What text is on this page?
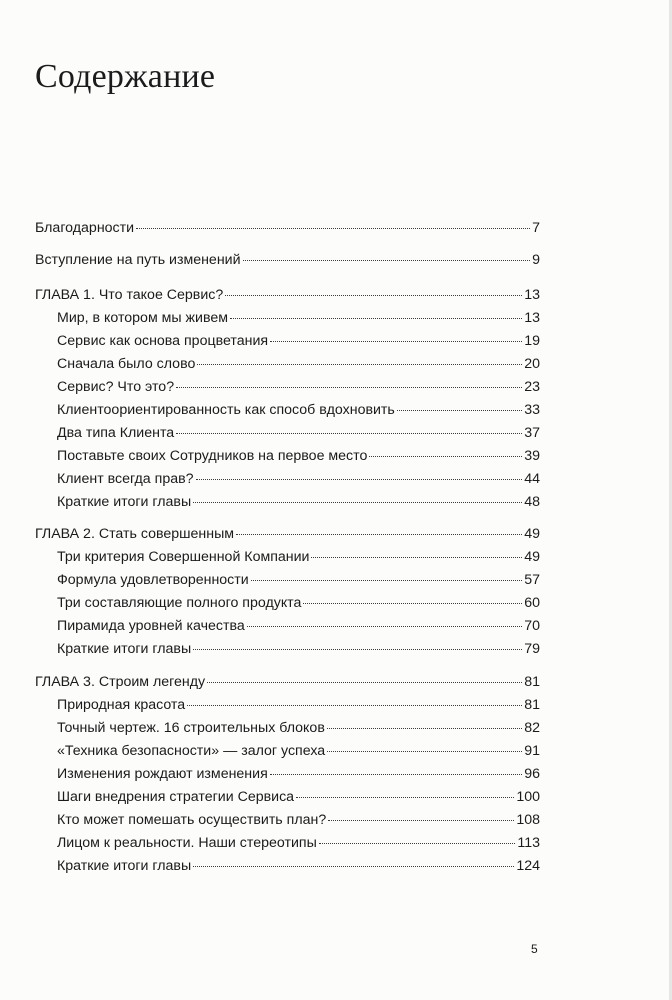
Содержание
Благодарности	7
Вступление на путь изменений	9
ГЛАВА 1. Что такое Сервис?	13
Мир, в котором мы живем	13
Сервис как основа процветания	19
Сначала было слово	20
Сервис? Что это?	23
Клиентоориентированность как способ вдохновить	33
Два типа Клиента	37
Поставьте своих Сотрудников на первое место	39
Клиент всегда прав?	44
Краткие итоги главы	48
ГЛАВА 2. Стать совершенным	49
Три критерия Совершенной Компании	49
Формула удовлетворенности	57
Три составляющие полного продукта	60
Пирамида уровней качества	70
Краткие итоги главы	79
ГЛАВА 3. Строим легенду	81
Природная красота	81
Точный чертеж. 16 строительных блоков	82
«Техника безопасности» — залог успеха	91
Изменения рождают изменения	96
Шаги внедрения стратегии Сервиса	100
Кто может помешать осуществить план?	108
Лицом к реальности. Наши стереотипы	113
Краткие итоги главы	124
5
